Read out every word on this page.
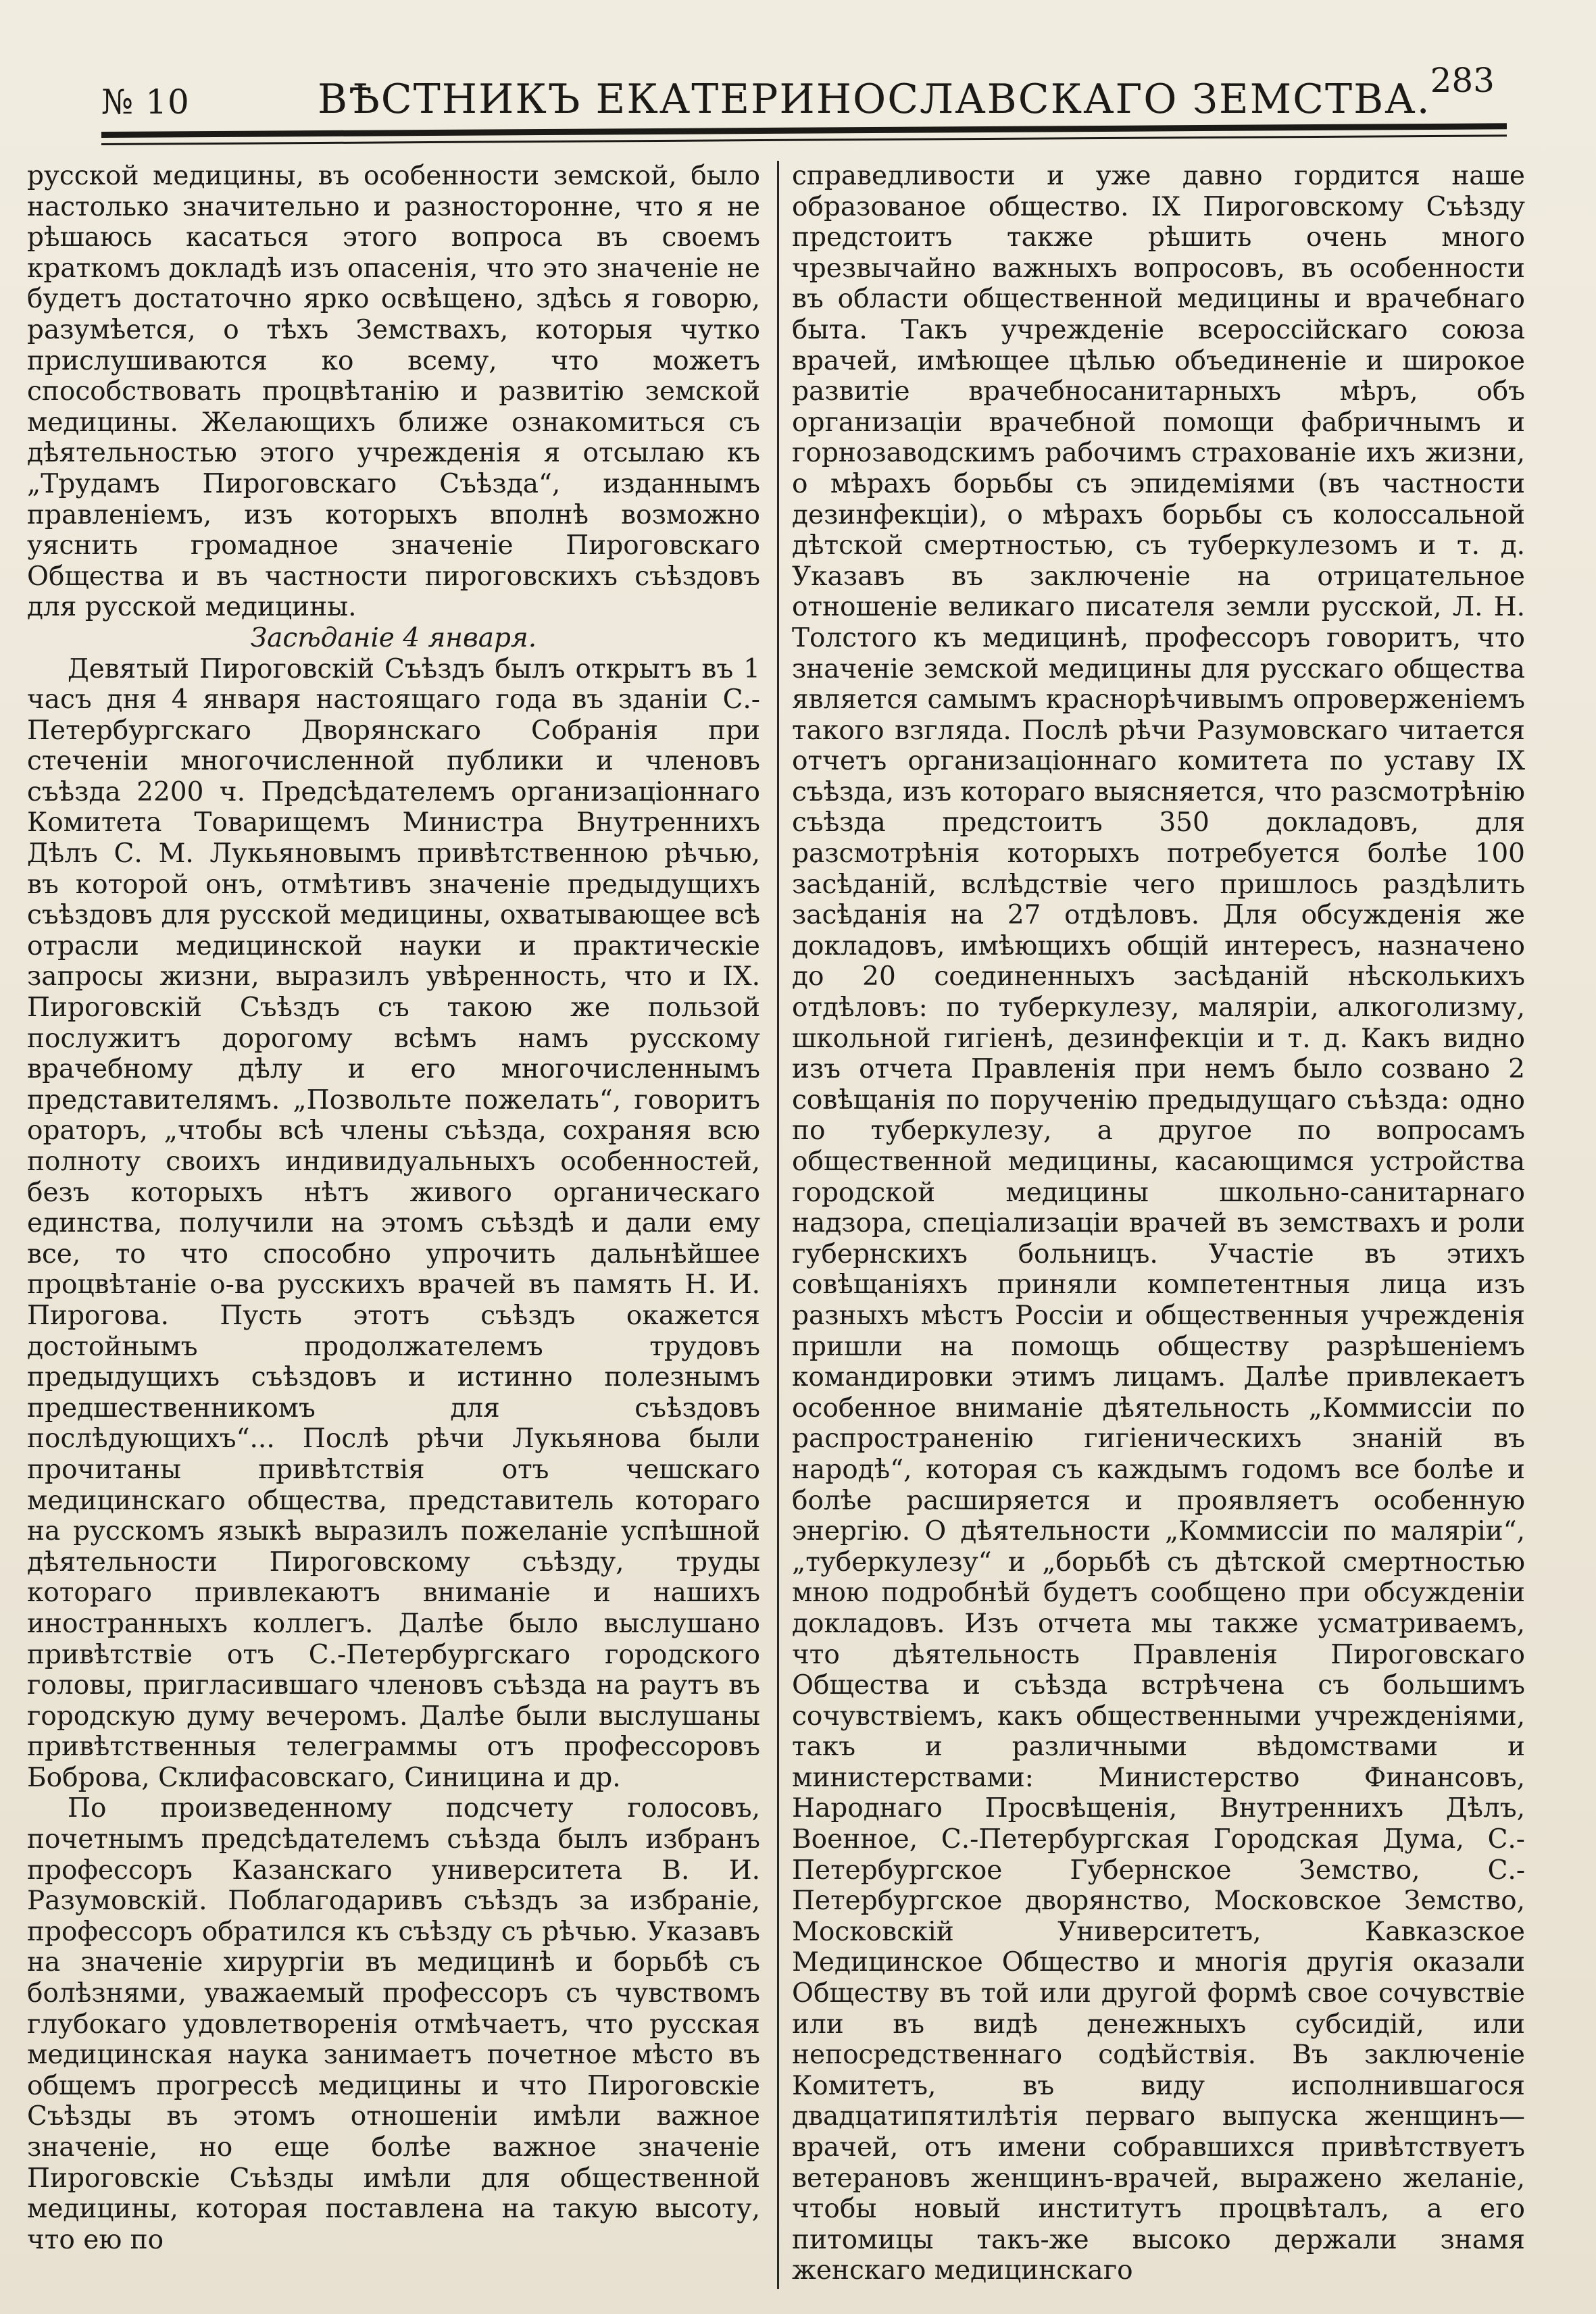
№ 10	ВѢСТНИКЪ ЕКАТЕРИНОСЛАВСКАГО ЗЕМСТВА.
283

русской медицины, въ особенности земской, было настолько значительно и разносторонне, что я не рѣшаюсь касаться этого вопроса въ своемъ краткомъ докладѣ изъ опасенія, что это значеніе не будетъ достаточно ярко освѣщено, здѣсь я говорю, разумѣется, о тѣхъ Земствахъ, которыя чутко прислушиваются ко всему, что можетъ способствовать процвѣтанію и развитію земской медицины. Желающихъ ближе ознакомиться съ дѣятельностью этого учрежденія я отсылаю къ „Трудамъ Пироговскаго Съѣзда“, изданнымъ правленіемъ, изъ которыхъ вполнѣ возможно уяснить громадное значеніе Пироговскаго Общества и въ частности пироговскихъ съѣздовъ для русской медицины.

Засѣданіе 4 января.

Девятый Пироговскій Съѣздъ былъ открытъ въ 1 часъ дня 4 января настоящаго года въ зданіи С.-Петербургскаго Дворянскаго Собранія при стеченіи многочисленной публики и членовъ съѣзда 2200 ч. Предсѣдателемъ организаціоннаго Комитета Товарищемъ Министра Внутреннихъ Дѣлъ С. М. Лукьяновымъ привѣтственною рѣчью, въ которой онъ, отмѣтивъ значеніе предыдущихъ съѣздовъ для русской медицины, охватывающее всѣ отрасли медицинской науки и практическіе запросы жизни, выразилъ увѣренность, что и IX. Пироговскій Съѣздъ съ такою же пользой послужитъ дорогому всѣмъ намъ русскому врачебному дѣлу и его многочисленнымъ представителямъ. „Позвольте пожелать“, говоритъ ораторъ, „чтобы всѣ члены съѣзда, сохраняя всю полноту своихъ индивидуальныхъ особенностей, безъ которыхъ нѣтъ живого органическаго единства, получили на этомъ съѣздѣ и дали ему все, то что способно упрочить дальнѣйшее процвѣтаніе о-ва русскихъ врачей въ память Н. И. Пирогова. Пусть этотъ съѣздъ окажется достойнымъ продолжателемъ трудовъ предыдущихъ съѣздовъ и истинно полезнымъ предшественникомъ для съѣздовъ послѣдующихъ“... Послѣ рѣчи Лукьянова были прочитаны привѣтствія отъ чешскаго медицинскаго общества, представитель котораго на русскомъ языкѣ выразилъ пожеланіе успѣшной дѣятельности Пироговскому съѣзду, труды котораго привлекаютъ вниманіе и нашихъ иностранныхъ коллегъ. Далѣе было выслушано привѣтствіе отъ С.-Петербургскаго городского головы, пригласившаго членовъ съѣзда на раутъ въ городскую думу вечеромъ. Далѣе были выслушаны привѣтственныя телеграммы отъ профессоровъ Боброва, Склифасовскаго, Синицина и др.

По произведенному подсчету голосовъ, почетнымъ предсѣдателемъ съѣзда былъ избранъ профессоръ Казанскаго университета В. И. Разумовскій. Поблагодаривъ съѣздъ за избраніе, профессоръ обратился къ съѣзду съ рѣчью. Указавъ на значеніе хирургіи въ медицинѣ и борьбѣ съ болѣзнями, уважаемый профессоръ съ чувствомъ глубокаго удовлетворенія отмѣчаетъ, что русская медицинская наука занимаетъ почетное мѣсто въ общемъ прогрессѣ медицины и что Пироговскіе Съѣзды въ этомъ отношеніи имѣли важное значеніе, но еще болѣе важное значеніе Пироговскіе Съѣзды имѣли для общественной медицины, которая поставлена на такую высоту, что ею по

справедливости и уже давно гордится наше образованое общество. IX Пироговскому Съѣзду предстоитъ также рѣшить очень много чрезвычайно важныхъ вопросовъ, въ особенности въ области общественной медицины и врачебнаго быта. Такъ учрежденіе всероссійскаго союза врачей, имѣющее цѣлью объединеніе и широкое развитіе врачебносанитарныхъ мѣръ, объ организаціи врачебной помощи фабричнымъ и горнозаводскимъ рабочимъ страхованіе ихъ жизни, о мѣрахъ борьбы съ эпидеміями (въ частности дезинфекціи), о мѣрахъ борьбы съ колоссальной дѣтской смертностью, съ туберкулезомъ и т. д. Указавъ въ заключеніе на отрицательное отношеніе великаго писателя земли русской, Л. Н. Толстого къ медицинѣ, профессоръ говоритъ, что значеніе земской медицины для русскаго общества является самымъ краснорѣчивымъ опроверженіемъ такого взгляда. Послѣ рѣчи Разумовскаго читается отчетъ организаціоннаго комитета по уставу IX съѣзда, изъ котораго выясняется, что разсмотрѣнію съѣзда предстоитъ 350 докладовъ, для разсмотрѣнія которыхъ потребуется болѣе 100 засѣданій, вслѣдствіе чего пришлось раздѣлить засѣданія на 27 отдѣловъ. Для обсужденія же докладовъ, имѣющихъ общій интересъ, назначено до 20 соединенныхъ засѣданій нѣсколькихъ отдѣловъ: по туберкулезу, маляріи, алкоголизму, школьной гигіенѣ, дезинфекціи и т. д. Какъ видно изъ отчета Правленія при немъ было созвано 2 совѣщанія по порученію предыдущаго съѣзда: одно по туберкулезу, а другое по вопросамъ общественной медицины, касающимся устройства городской медицины школьно-санитарнаго надзора, спеціализаціи врачей въ земствахъ и роли губернскихъ больницъ. Участіе въ этихъ совѣщаніяхъ приняли компетентныя лица изъ разныхъ мѣстъ Россіи и общественныя учрежденія пришли на помощь обществу разрѣшеніемъ командировки этимъ лицамъ. Далѣе привлекаетъ особенное вниманіе дѣятельность „Коммиссіи по распространенію гигіеническихъ знаній въ народѣ“, которая съ каждымъ годомъ все болѣе и болѣе расширяется и проявляетъ особенную энергію. О дѣятельности „Коммиссіи по маляріи“, „туберкулезу“ и „борьбѣ съ дѣтской смертностью мною подробнѣй будетъ сообщено при обсужденіи докладовъ. Изъ отчета мы также усматриваемъ, что дѣятельность Правленія Пироговскаго Общества и съѣзда встрѣчена съ большимъ сочувствіемъ, какъ общественными учрежденіями, такъ и различными вѣдомствами и министерствами: Министерство Финансовъ, Народнаго Просвѣщенія, Внутреннихъ Дѣлъ, Военное, С.-Петербургская Городская Дума, С.-Петербургское Губернское Земство, С.-Петербургское дворянство, Московское Земство, Московскій Университетъ, Кавказское Медицинское Общество и многія другія оказали Обществу въ той или другой формѣ свое сочувствіе или въ видѣ денежныхъ субсидій, или непосредственнаго содѣйствія. Въ заключеніе Комитетъ, въ виду исполнившагося двадцатипятилѣтія перваго выпуска женщинъ—врачей, отъ имени собравшихся привѣтствуетъ ветерановъ женщинъ-врачей, выражено желаніе, чтобы новый институтъ процвѣталъ, а его питомицы такъ-же высоко держали знамя женскаго медицинскаго
